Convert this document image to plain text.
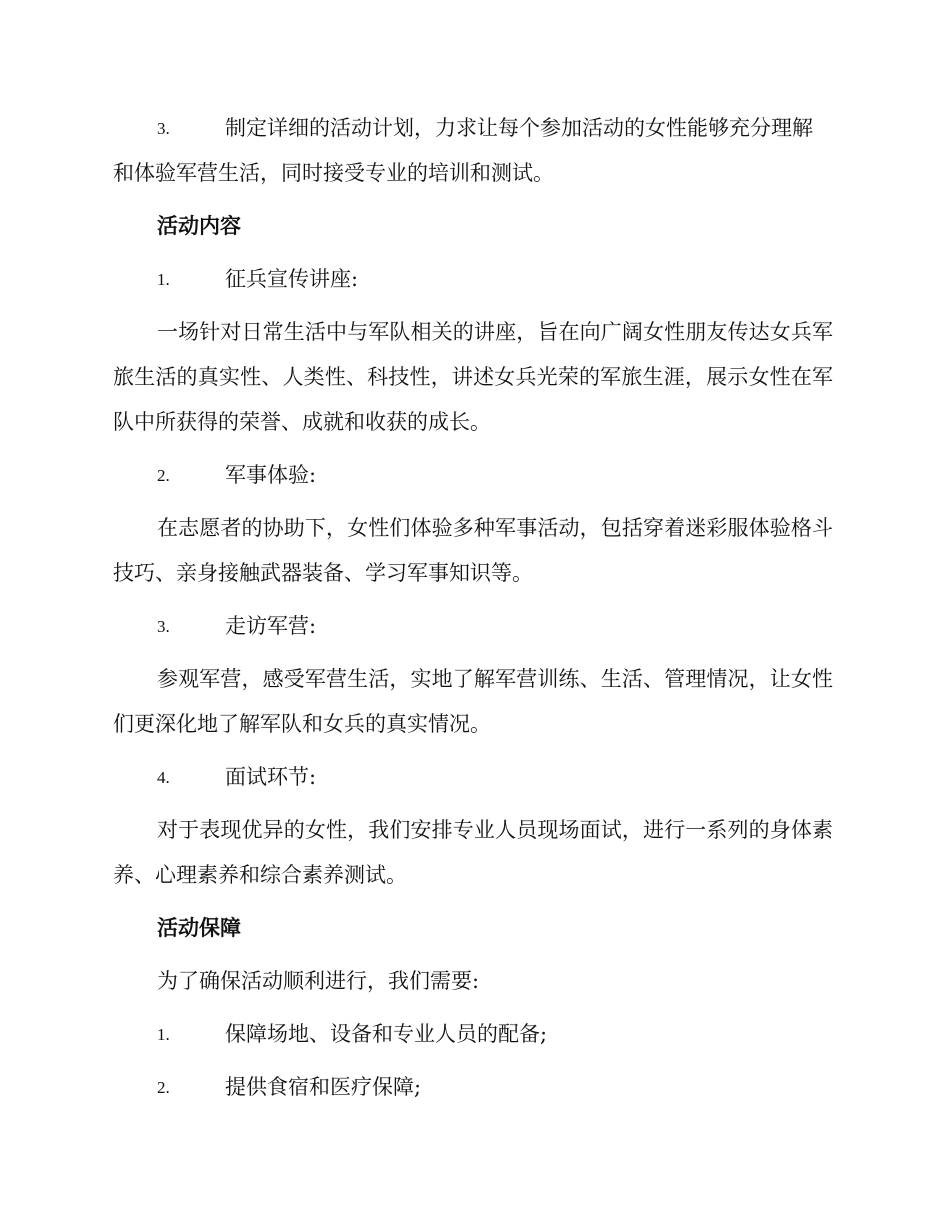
3.	制定详细的活动计划，力求让每个参加活动的女性能够充分理解
和体验军营生活，同时接受专业的培训和测试。
活动内容
1.	征兵宣传讲座:
一场针对日常生活中与军队相关的讲座，旨在向广阔女性朋友传达女兵军旅生活的真实性、人类性、科技性，讲述女兵光荣的军旅生涯，展示女性在军队中所获得的荣誉、成就和收获的成长。
2.	军事体验:
在志愿者的协助下，女性们体验多种军事活动，包括穿着迷彩服体验格斗技巧、亲身接触武器装备、学习军事知识等。
3.	走访军营:
参观军营，感受军营生活，实地了解军营训练、生活、管理情况，让女性们更深化地了解军队和女兵的真实情况。
4.	面试环节:
对于表现优异的女性，我们安排专业人员现场面试，进行一系列的身体素养、心理素养和综合素养测试。
活动保障
为了确保活动顺利进行，我们需要:
1.	保障场地、设备和专业人员的配备;
2.	提供食宿和医疗保障;
